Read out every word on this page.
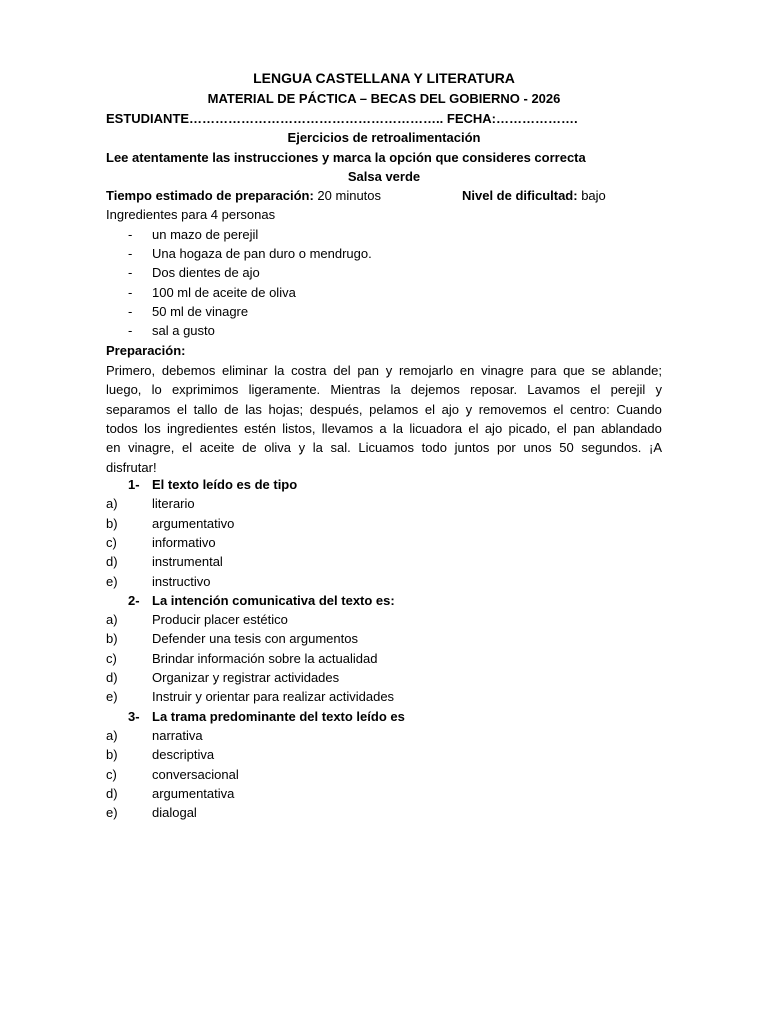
LENGUA CASTELLANA Y LITERATURA
MATERIAL DE PÁCTICA – BECAS DEL GOBIERNO - 2026
ESTUDIANTE………………………………………………….. FECHA:……………….
Ejercicios de retroalimentación
Lee atentamente las instrucciones y marca la opción que consideres correcta
Salsa verde
Tiempo estimado de preparación: 20 minutos	Nivel de dificultad: bajo
Ingredientes para 4 personas
- un mazo de perejil
- Una hogaza de pan duro o mendrugo.
- Dos dientes de ajo
- 100 ml de aceite de oliva
- 50 ml de vinagre
- sal a gusto
Preparación:
Primero, debemos eliminar la costra del pan y remojarlo en vinagre para que se ablande;
luego, lo exprimimos ligeramente. Mientras la dejemos reposar. Lavamos el perejil y
separamos el tallo de las hojas; después, pelamos el ajo y removemos el centro: Cuando
todos los ingredientes estén listos, llevamos a la licuadora el ajo picado, el pan ablandado
en vinagre, el aceite de oliva y la sal. Licuamos todo juntos por unos 50 segundos. ¡A
disfrutar!
1- El texto leído es de tipo
a)	literario
b)	argumentativo
c)	informativo
d)	instrumental
e)	instructivo
2- La intención comunicativa del texto es:
a)	Producir placer estético
b)	Defender una tesis con argumentos
c)	Brindar información sobre la actualidad
d)	Organizar y registrar actividades
e)	Instruir y orientar para realizar actividades
3- La trama predominante del texto leído es
a)	narrativa
b)	descriptiva
c)	conversacional
d)	argumentativa
e)	dialogal
